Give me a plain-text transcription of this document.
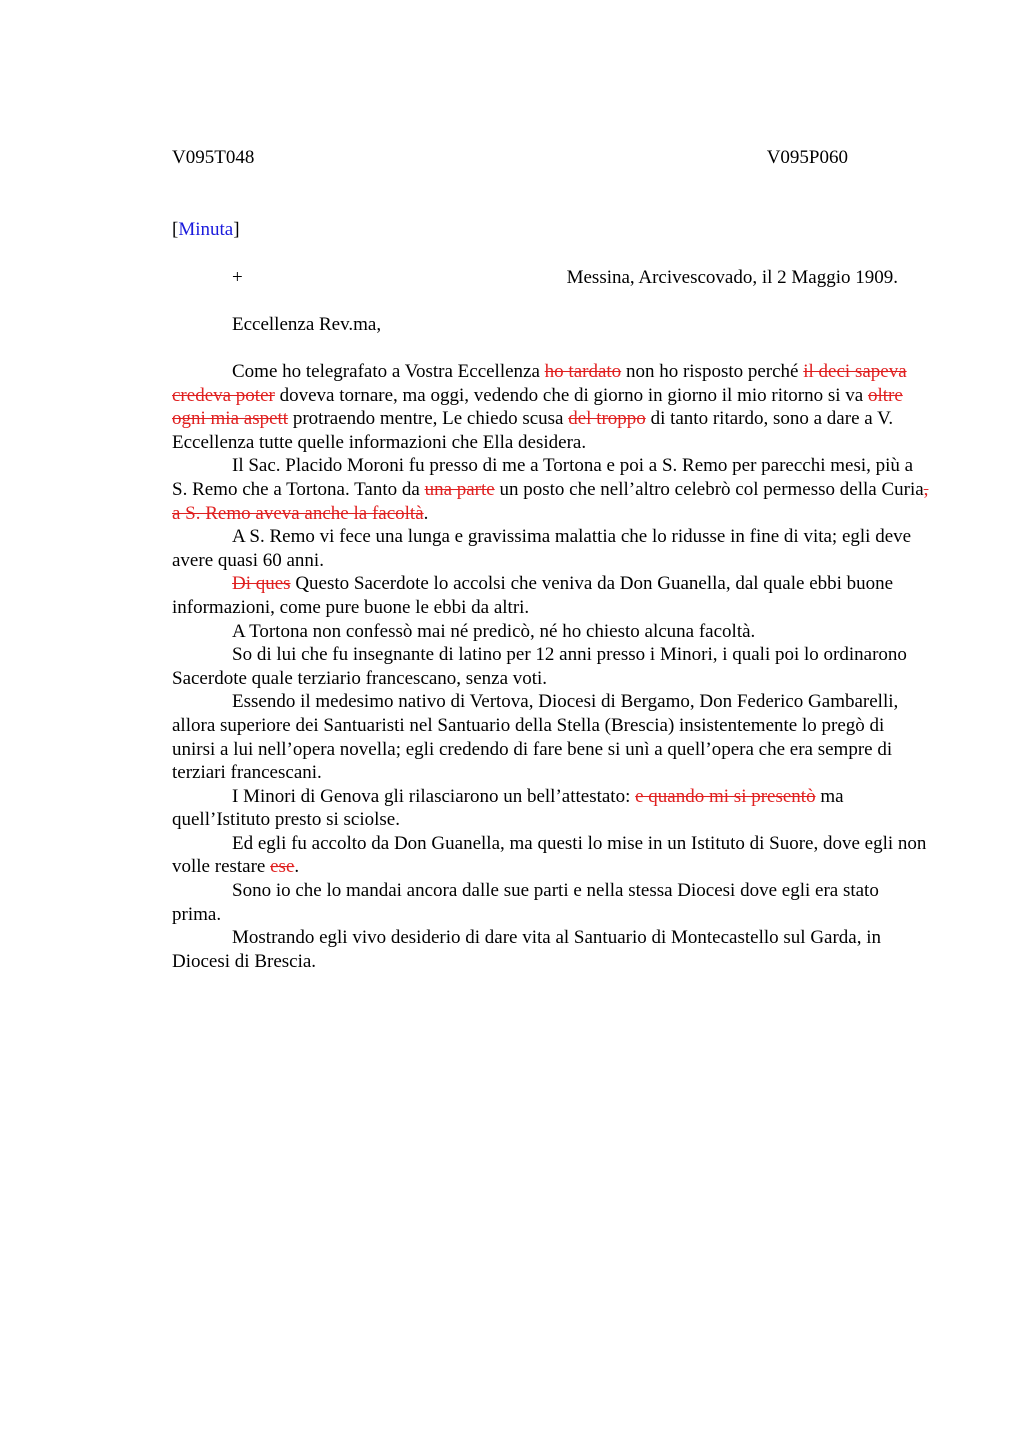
V095T048	V095P060
[Minuta]
+	Messina, Arcivescovado, il 2 Maggio 1909.
Eccellenza Rev.ma,

Come ho telegrafato a Vostra Eccellenza ho tardato non ho risposto perché il deci sapeva credeva poter doveva tornare, ma oggi, vedendo che di giorno in giorno il mio ritorno si va oltre ogni mia aspett protraendo mentre, Le chiedo scusa del troppo di tanto ritardo, sono a dare a V. Eccellenza tutte quelle informazioni che Ella desidera.

Il Sac. Placido Moroni fu presso di me a Tortona e poi a S. Remo per parecchi mesi, più a S. Remo che a Tortona. Tanto da una parte un posto che nell’altro celebrò col permesso della Curia, a S. Remo aveva anche la facoltà.

A S. Remo vi fece una lunga e gravissima malattia che lo ridusse in fine di vita; egli deve avere quasi 60 anni.

Di ques Questo Sacerdote lo accolsi che veniva da Don Guanella, dal quale ebbi buone informazioni, come pure buone le ebbi da altri.

A Tortona non confessò mai né predicò, né ho chiesto alcuna facoltà.

So di lui che fu insegnante di latino per 12 anni presso i Minori, i quali poi lo ordinarono Sacerdote quale terziario francescano, senza voti.

Essendo il medesimo nativo di Vertova, Diocesi di Bergamo, Don Federico Gambarelli, allora superiore dei Santuaristi nel Santuario della Stella (Brescia) insistentemente lo pregò di unirsi a lui nell’opera novella; egli credendo di fare bene si unì a quell’opera che era sempre di terziari francescani.

I Minori di Genova gli rilasciarono un bell’attestato: e quando mi si presentò ma quell’Istituto presto si sciolse.

Ed egli fu accolto da Don Guanella, ma questi lo mise in un Istituto di Suore, dove egli non volle restare ese.

Sono io che lo mandai ancora dalle sue parti e nella stessa Diocesi dove egli era stato prima.

Mostrando egli vivo desiderio di dare vita al Santuario di Montecastello sul Garda, in Diocesi di Brescia.
